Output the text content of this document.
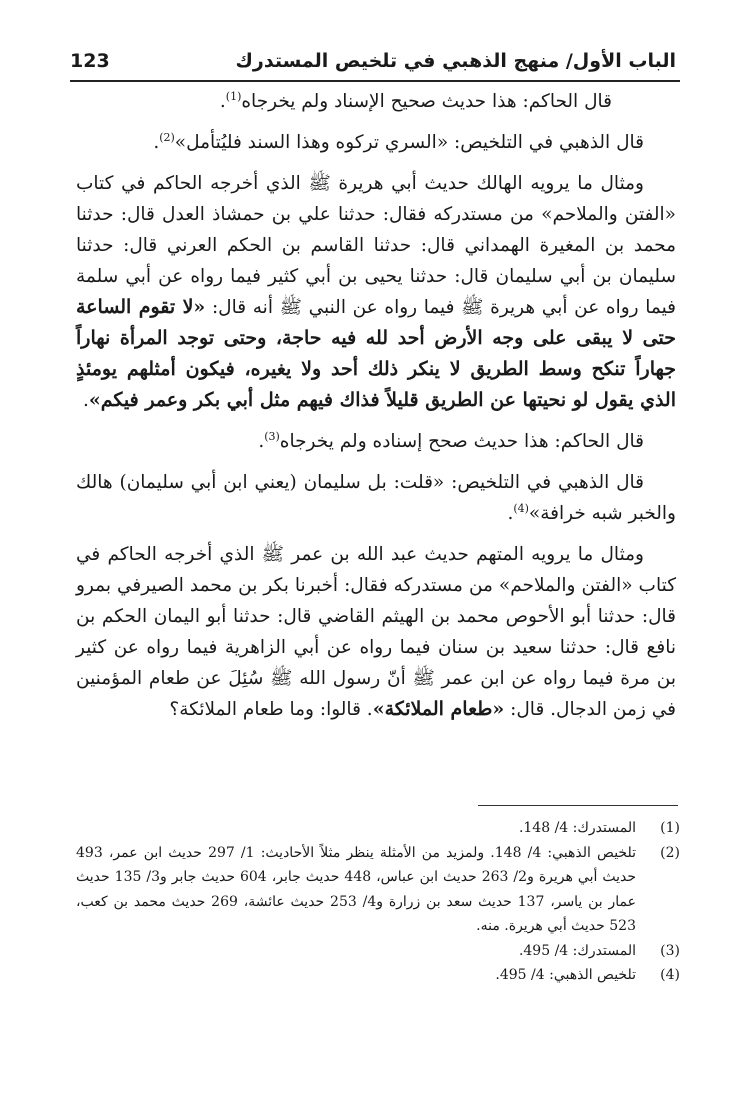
الباب الأول/ منهج الذهبي في تلخيص المستدرك
123

قال الحاكم: هذا حديث صحيح الإسناد ولم يخرجاه$^{(1)}$.

قال الذهبي في التلخيص: «السري تركوه وهذا السند فليُتأمل»$^{(2)}$.

ومثال ما يرويه الهالك حديث أبي هريرة ﷺ الذي أخرجه الحاكم في كتاب «الفتن والملاحم» من مستدركه فقال: حدثنا علي بن حمشاذ العدل قال: حدثنا محمد بن المغيرة الهمداني قال: حدثنا القاسم بن الحكم العرني قال: حدثنا سليمان بن أبي سليمان قال: حدثنا يحيى بن أبي كثير فيما رواه عن أبي سلمة فيما رواه عن أبي هريرة ﷺ فيما رواه عن النبي ﷺ أنه قال: «لا تقوم الساعة حتى لا يبقى على وجه الأرض أحد لله فيه حاجة، وحتى توجد المرأة نهاراً جهاراً تنكح وسط الطريق لا ينكر ذلك أحد ولا يغيره، فيكون أمثلهم يومئذٍ الذي يقول لو نحيتها عن الطريق قليلاً فذاك فيهم مثل أبي بكر وعمر فيكم».

قال الحاكم: هذا حديث صحح إسناده ولم يخرجاه$^{(3)}$.

قال الذهبي في التلخيص: «قلت: بل سليمان (يعني ابن أبي سليمان) هالك والخبر شبه خرافة»$^{(4)}$.

ومثال ما يرويه المتهم حديث عبد الله بن عمر ﷺ الذي أخرجه الحاكم في كتاب «الفتن والملاحم» من مستدركه فقال: أخبرنا بكر بن محمد الصيرفي بمرو قال: حدثنا أبو الأحوص محمد بن الهيثم القاضي قال: حدثنا أبو اليمان الحكم بن نافع قال: حدثنا سعيد بن سنان فيما رواه عن أبي الزاهرية فيما رواه عن كثير بن مرة فيما رواه عن ابن عمر ﷺ أنّ رسول الله ﷺ سُئِلَ عن طعام المؤمنين في زمن الدجال. قال: «طعام الملائكة». قالوا: وما طعام الملائكة؟

(1)
المستدرك: 4/ 148.
(2)
تلخيص الذهبي: 4/ 148. ولمزيد من الأمثلة ينظر مثلاً الأحاديث: 1/ 297 حديث ابن عمر، 493 حديث أبي هريرة و2/ 263 حديث ابن عباس، 448 حديث جابر، 604 حديث جابر و3/ 135 حديث عمار بن ياسر، 137 حديث سعد بن زرارة و4/ 253 حديث عائشة، 269 حديث محمد بن كعب، 523 حديث أبي هريرة. منه.
(3)
المستدرك: 4/ 495.
(4)
تلخيص الذهبي: 4/ 495.
